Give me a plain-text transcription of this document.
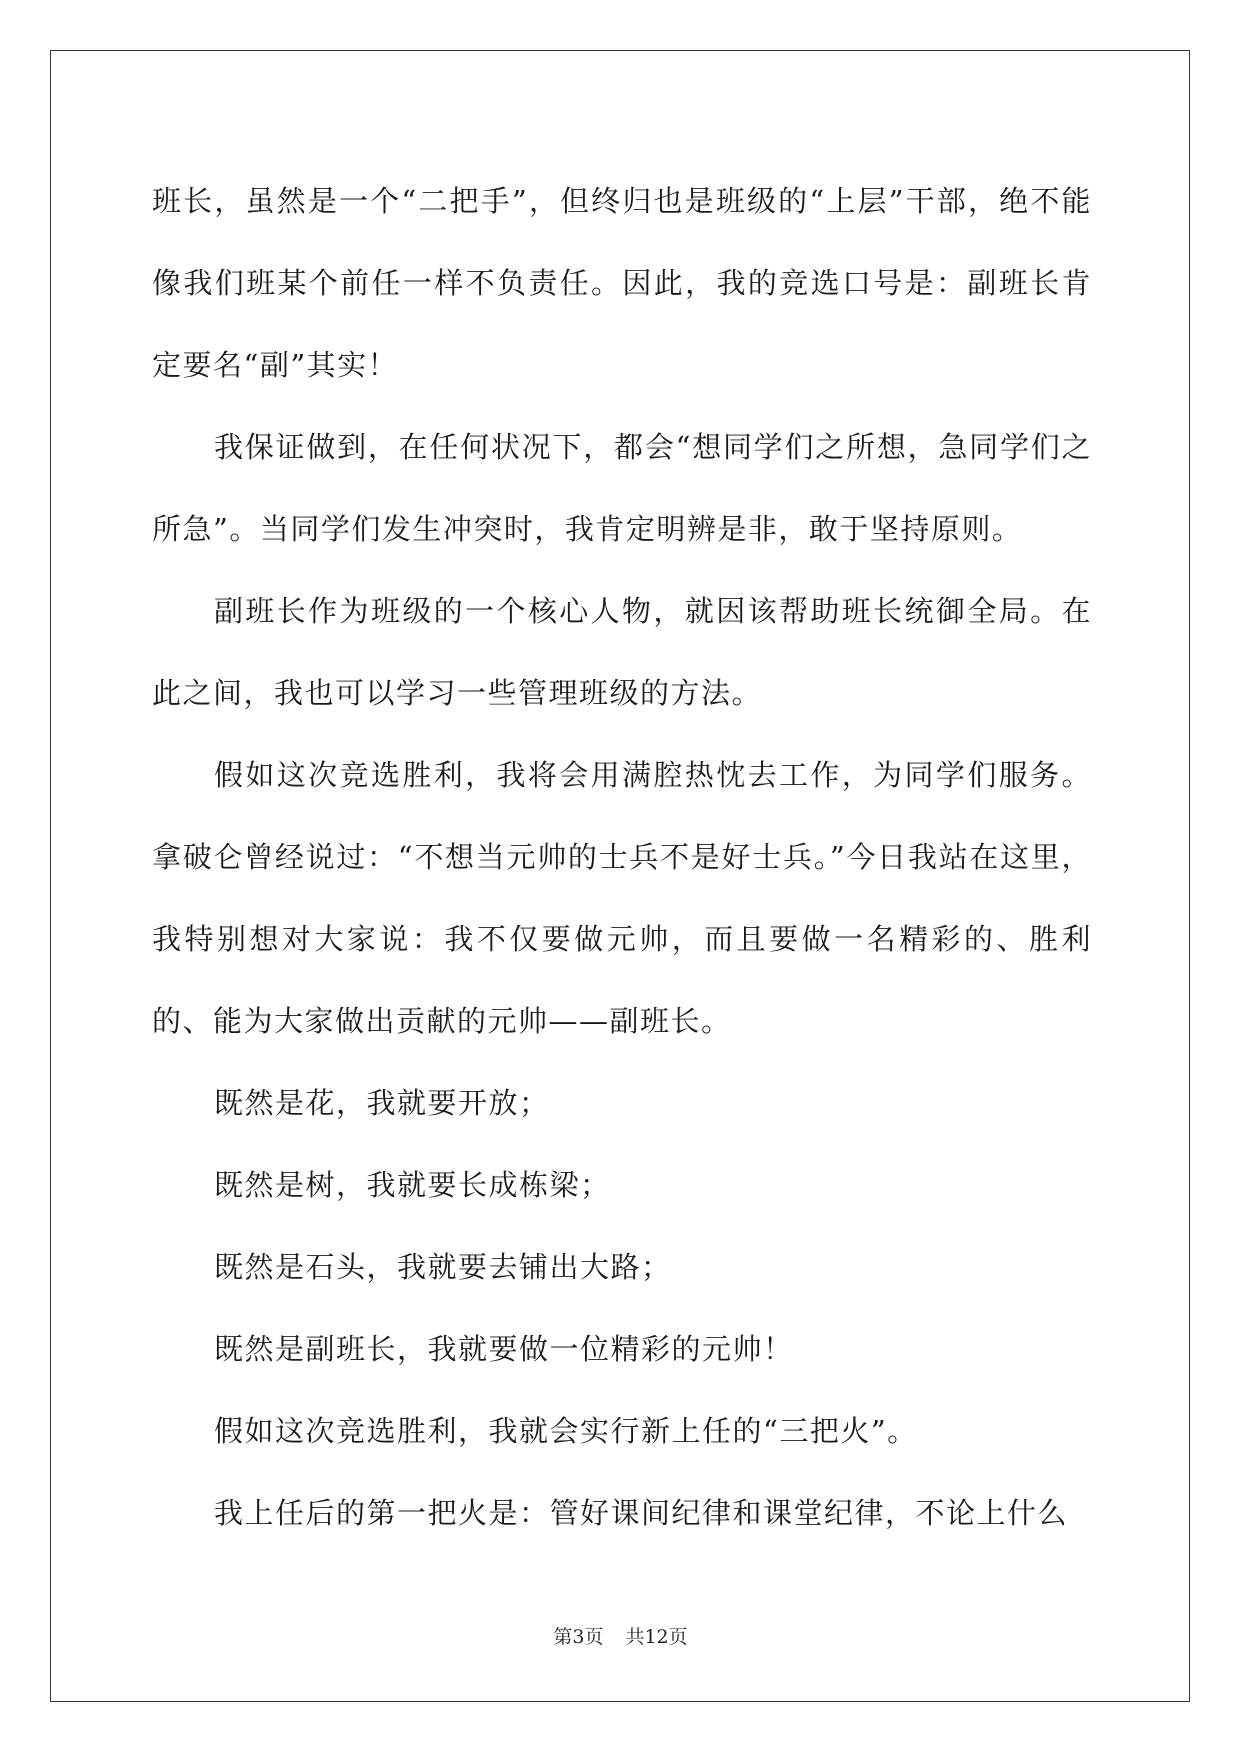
班长，虽然是一个“二把手”，但终归也是班级的“上层”干部，绝不能像我们班某个前任一样不负责任。因此，我的竞选口号是：副班长肯定要名“副”其实！

我保证做到，在任何状况下，都会“想同学们之所想，急同学们之所急”。当同学们发生冲突时，我肯定明辨是非，敢于坚持原则。

副班长作为班级的一个核心人物，就因该帮助班长统御全局。在此之间，我也可以学习一些管理班级的方法。

假如这次竞选胜利，我将会用满腔热忱去工作，为同学们服务。拿破仑曾经说过：“不想当元帅的士兵不是好士兵。”今日我站在这里，我特别想对大家说：我不仅要做元帅，而且要做一名精彩的、胜利的、能为大家做出贡献的元帅——副班长。

既然是花，我就要开放；

既然是树，我就要长成栋梁；

既然是石头，我就要去铺出大路；

既然是副班长，我就要做一位精彩的元帅！

假如这次竞选胜利，我就会实行新上任的“三把火”。

我上任后的第一把火是：管好课间纪律和课堂纪律，不论上什么

第3页 共12页
